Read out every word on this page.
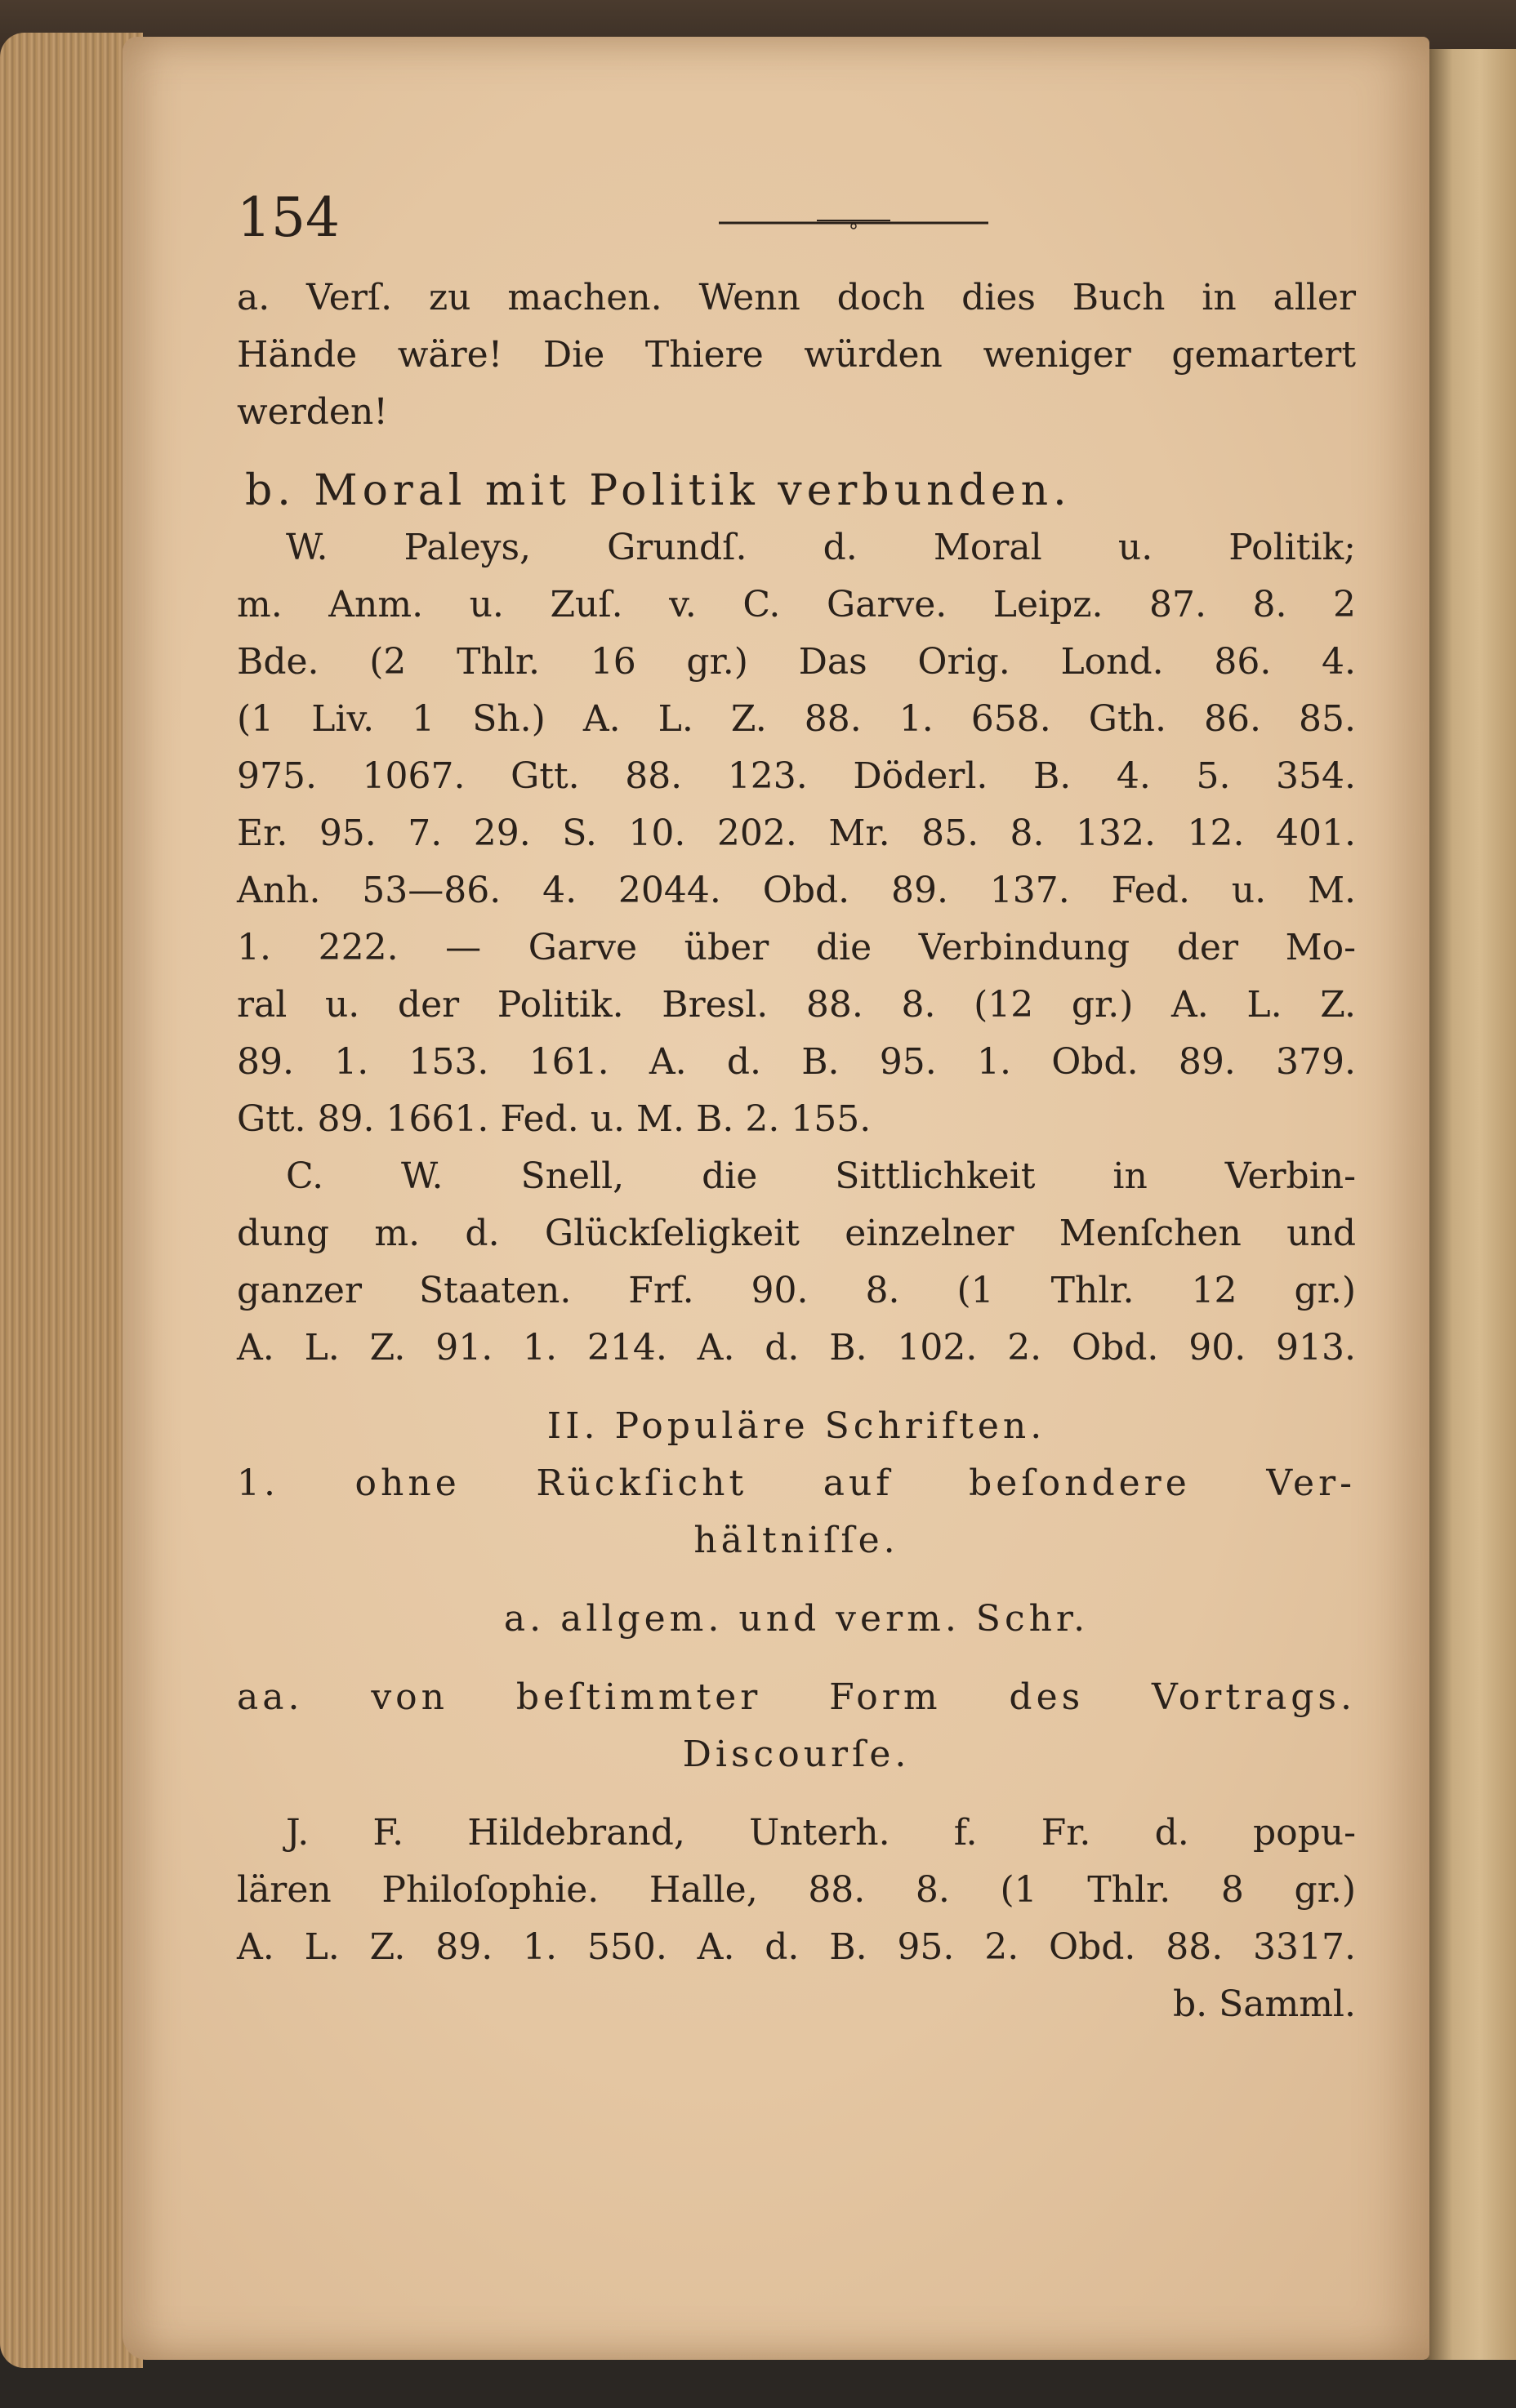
154
a. Verſ. zu machen. Wenn doch dies Buch in aller
Hände wäre! Die Thiere würden weniger gemartert
werden!
b. Moral mit Politik verbunden.
W. Paleys, Grundſ. d. Moral u. Politik;
m. Anm. u. Zuſ. v. C. Garve. Leipz. 87. 8. 2
Bde. (2 Thlr. 16 gr.) Das Orig. Lond. 86. 4.
(1 Liv. 1 Sh.) A. L. Z. 88. 1. 658. Gth. 86. 85.
975. 1067. Gtt. 88. 123. Döderl. B. 4. 5. 354.
Er. 95. 7. 29. S. 10. 202. Mr. 85. 8. 132. 12. 401.
Anh. 53—86. 4. 2044. Obd. 89. 137. Fed. u. M.
1. 222. — Garve über die Verbindung der Mo-
ral u. der Politik. Bresl. 88. 8. (12 gr.) A. L. Z.
89. 1. 153. 161. A. d. B. 95. 1. Obd. 89. 379.
Gtt. 89. 1661. Fed. u. M. B. 2. 155.
C. W. Snell, die Sittlichkeit in Verbin-
dung m. d. Glückſeligkeit einzelner Menſchen und
ganzer Staaten. Frf. 90. 8. (1 Thlr. 12 gr.)
A. L. Z. 91. 1. 214. A. d. B. 102. 2. Obd. 90. 913.
II. Populäre Schriften.
1. ohne Rückſicht auf beſondere Ver-
hältniſſe.
a. allgem. und verm. Schr.
aa. von beſtimmter Form des Vortrags.
Discourſe.
J. F. Hildebrand, Unterh. f. Fr. d. popu-
lären Philoſophie. Halle, 88. 8. (1 Thlr. 8 gr.)
A. L. Z. 89. 1. 550. A. d. B. 95. 2. Obd. 88. 3317.
b. Samml.
